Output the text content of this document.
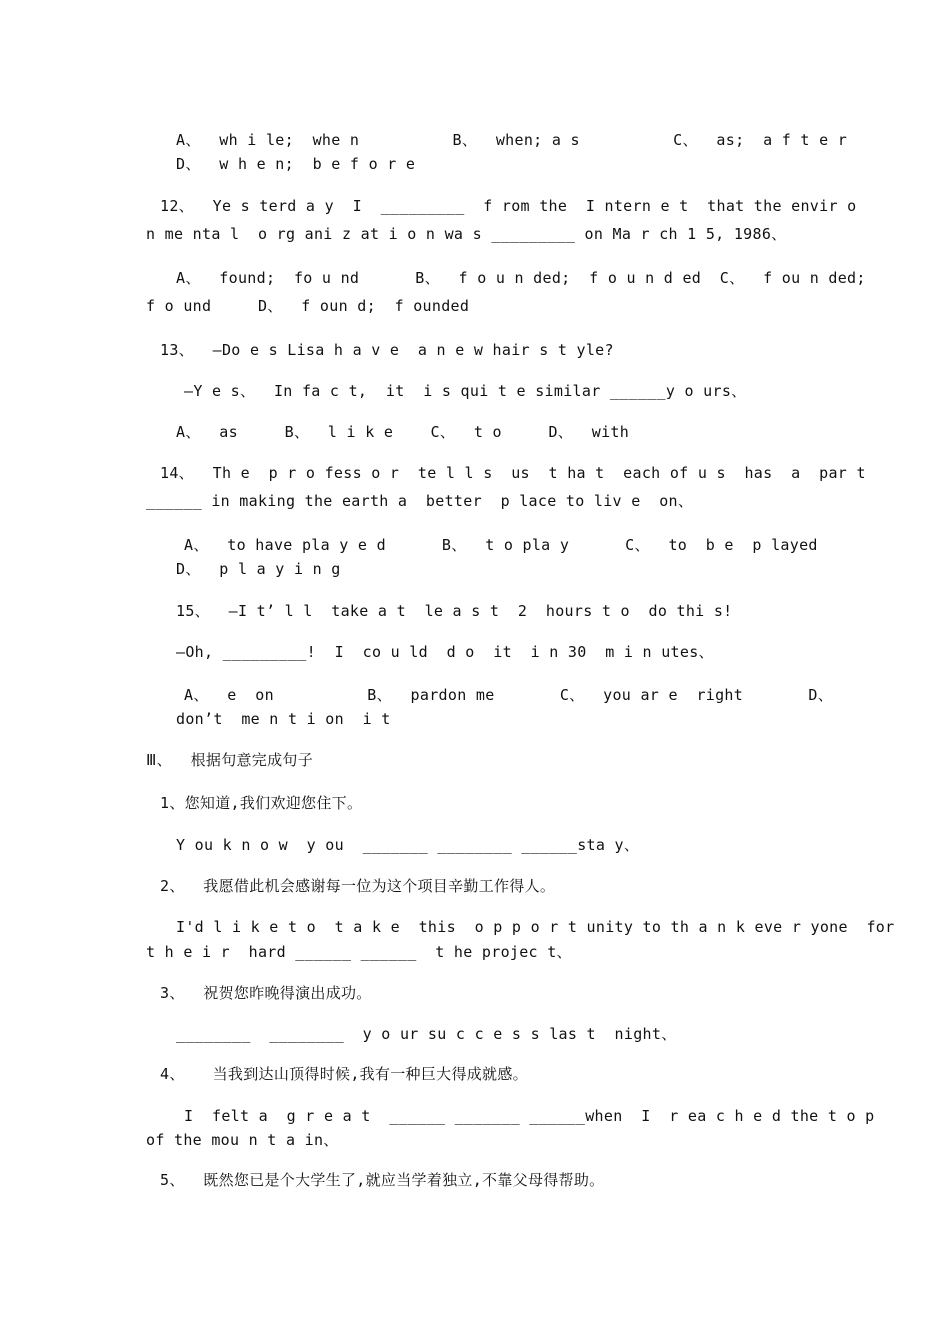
A、  wh i le;  whe n          B、  when; a s          C、  as;  a f t e r
D、  w h e n;  b e f o r e
12、  Ye s terd a y  I  _________  f rom the  I ntern e t  that the envir o
n me nta l  o rg ani z at i o n wa s _________ on Ma r ch 1 5, 1986、
A、  found;  fo u nd      B、  f o u n ded;  f o u n d ed  C、  f ou n ded;
f o und     D、  f oun d;  f ounded
13、  —Do e s Lisa h a v e  a n e w hair s t yle?
—Y e s、  In fa c t,  it  i s qui t e similar ______y o urs、
A、  as     B、  l i k e    C、  t o     D、  with
14、  Th e  p r o fess o r  te l l s  us  t ha t  each of u s  has  a  par t
______ in making the earth a  better  p lace to liv e  on、
A、  to have pla y e d      B、  t o pla y      C、  to  b e  p layed
D、  p l a y i n g
15、  —I t’ l l  take a t  le a s t  2  hours t o  do thi s!
—Oh, _________!  I  co u ld  d o  it  i n 30  m i n utes、
A、  e  on          B、  pardon me       C、  you ar e  right       D、
don’t  me n t i on  i t
Ⅲ、  根据句意完成句子
1、您知道,我们欢迎您住下。
Y ou k n o w  y ou  _______ ________ ______sta y、
2、  我愿借此机会感谢每一位为这个项目辛勤工作得人。
I'd l i k e t o  t a k e  this  o p p o r t unity to th a n k eve r yone  for
t h e i r  hard ______ ______  t he projec t、
3、  祝贺您昨晚得演出成功。
________  ________  y o ur su c c e s s las t  night、
4、   当我到达山顶得时候,我有一种巨大得成就感。
I  felt a  g r e a t  ______ _______ ______when  I  r ea c h e d the t o p
of the mou n t a in、
5、  既然您已是个大学生了,就应当学着独立,不靠父母得帮助。
